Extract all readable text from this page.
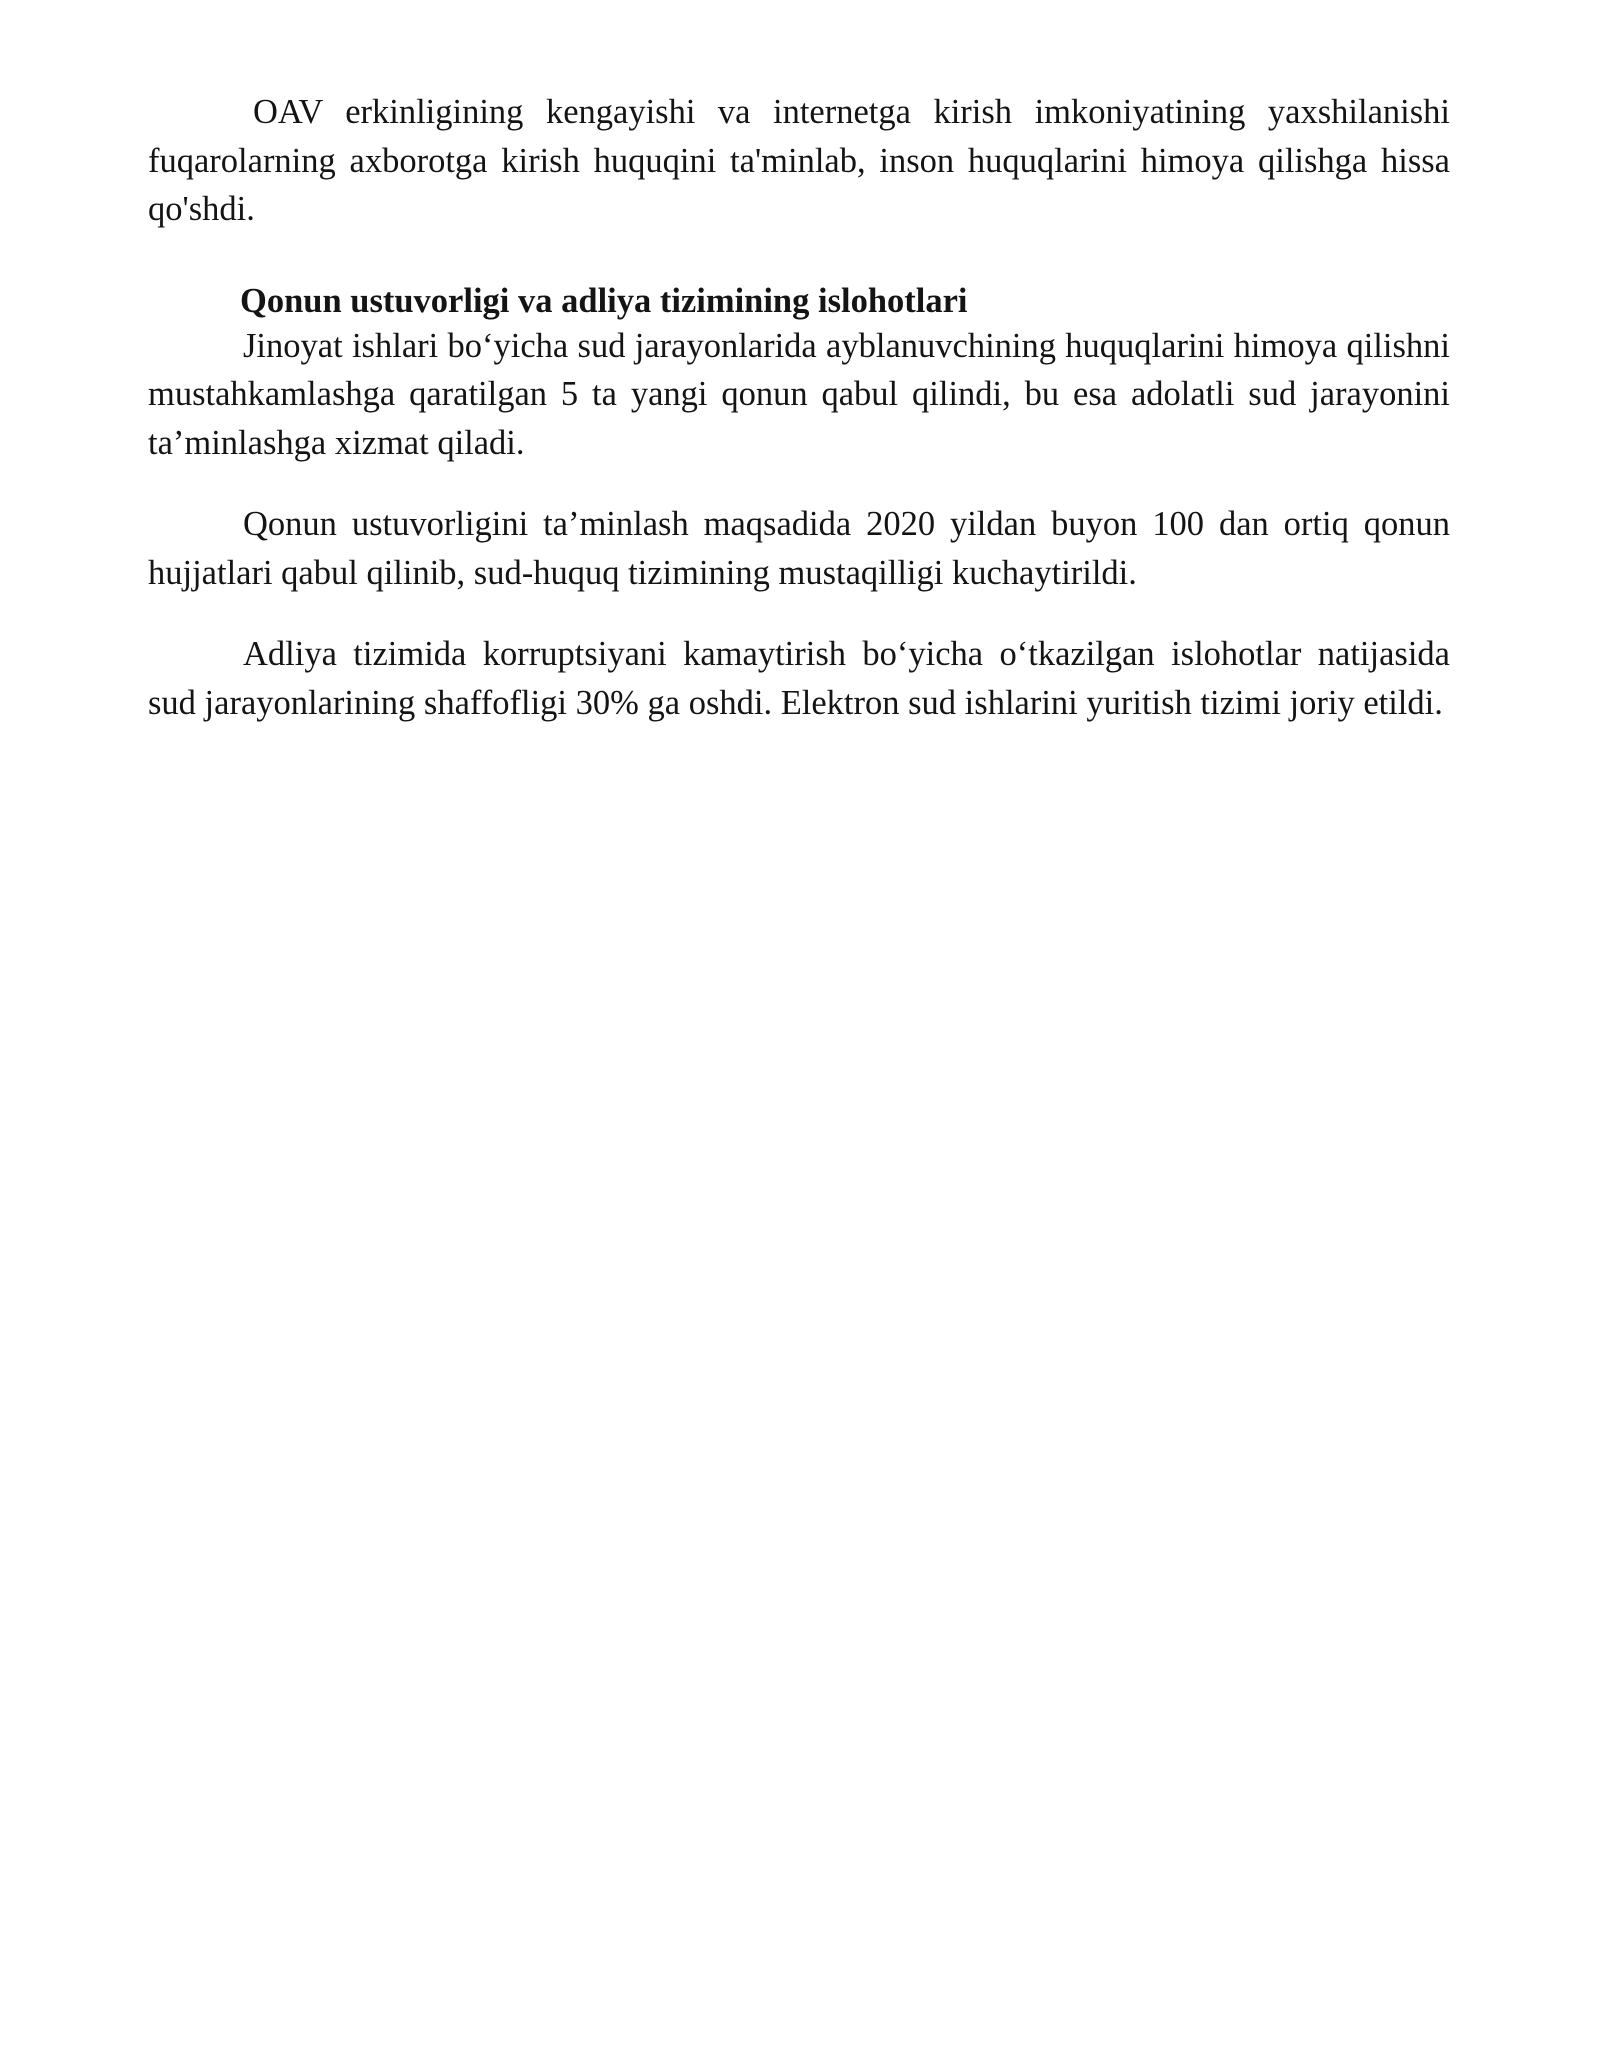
OAV erkinligining kengayishi va internetga kirish imkoniyatining yaxshilanishi fuqarolarning axborotga kirish huquqini ta'minlab, inson huquqlarini himoya qilishga hissa qo'shdi.

Qonun ustuvorligi va adliya tizimining islohotlari

Jinoyat ishlari bo‘yicha sud jarayonlarida ayblanuvchining huquqlarini himoya qilishni mustahkamlashga qaratilgan 5 ta yangi qonun qabul qilindi, bu esa adolatli sud jarayonini ta’minlashga xizmat qiladi.

Qonun ustuvorligini ta’minlash maqsadida 2020 yildan buyon 100 dan ortiq qonun hujjatlari qabul qilinib, sud-huquq tizimining mustaqilligi kuchaytirildi.

Adliya tizimida korruptsiyani kamaytirish bo‘yicha o‘tkazilgan islohotlar natijasida sud jarayonlarining shaffofligi 30% ga oshdi. Elektron sud ishlarini yuritish tizimi joriy etildi.
